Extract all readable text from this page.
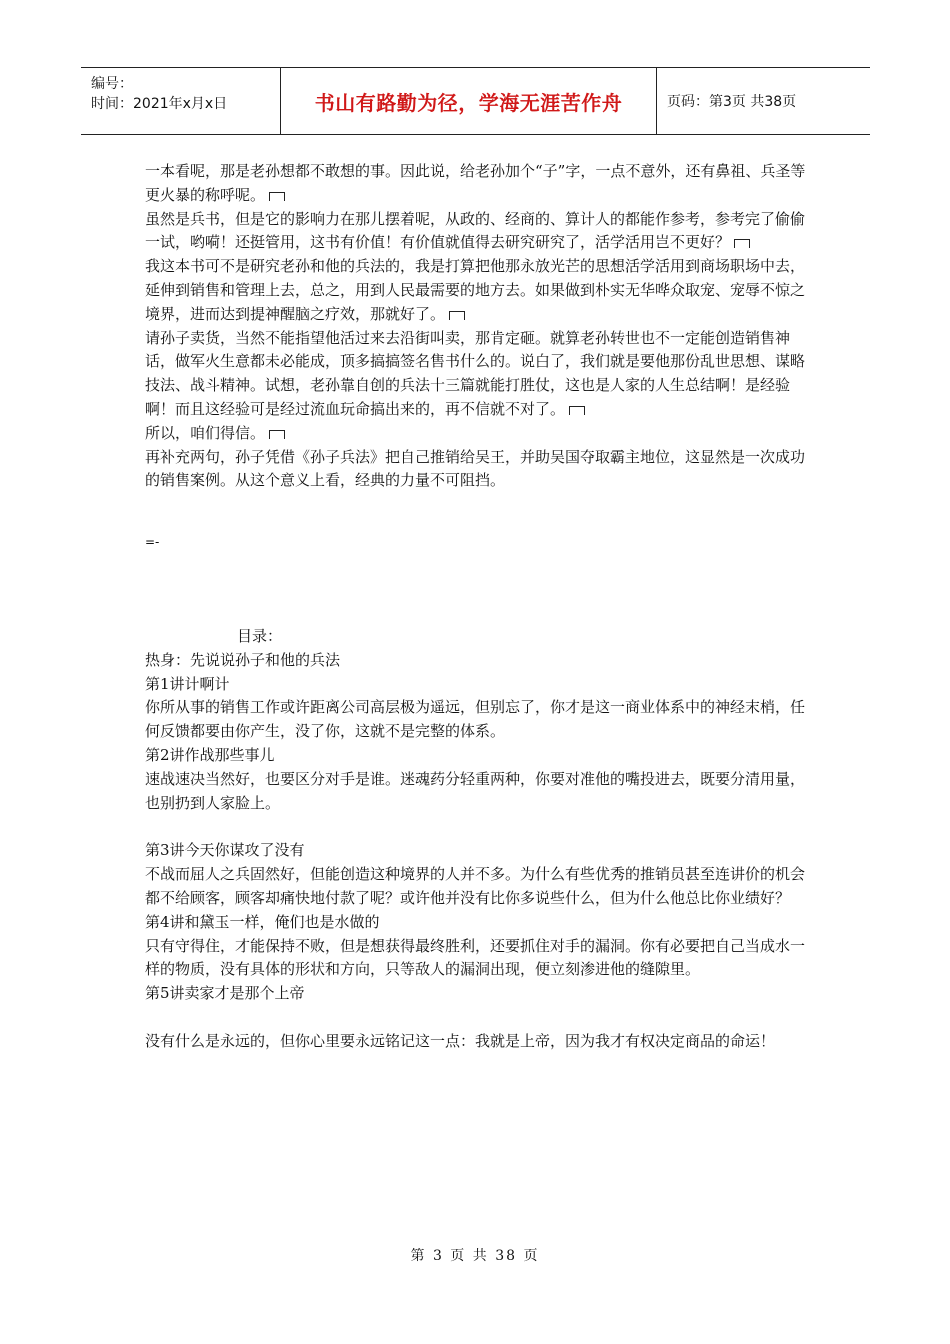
编号：
时间：2021年x月x日	书山有路勤为径，学海无涯苦作舟	页码：第3页 共38页

一本看呢，那是老孙想都不敢想的事。因此说，给老孙加个“子”字，一点不意外，还有鼻祖、兵圣等更火暴的称呼呢。

虽然是兵书，但是它的影响力在那儿摆着呢，从政的、经商的、算计人的都能作参考，参考完了偷偷一试，哟嗬！还挺管用，这书有价值！有价值就值得去研究研究了，活学活用岂不更好？

我这本书可不是研究老孙和他的兵法的，我是打算把他那永放光芒的思想活学活用到商场职场中去，延伸到销售和管理上去，总之，用到人民最需要的地方去。如果做到朴实无华哗众取宠、宠辱不惊之境界，进而达到提神醒脑之疗效，那就好了。

请孙子卖货，当然不能指望他活过来去沿街叫卖，那肯定砸。就算老孙转世也不一定能创造销售神话，做军火生意都未必能成，顶多搞搞签名售书什么的。说白了，我们就是要他那份乱世思想、谋略技法、战斗精神。试想，老孙靠自创的兵法十三篇就能打胜仗，这也是人家的人生总结啊！是经验啊！而且这经验可是经过流血玩命搞出来的，再不信就不对了。

所以，咱们得信。

再补充两句，孙子凭借《孙子兵法》把自己推销给吴王，并助吴国夺取霸主地位，这显然是一次成功的销售案例。从这个意义上看，经典的力量不可阻挡。

=-
目录：

热身：先说说孙子和他的兵法

第1讲计啊计

你所从事的销售工作或许距离公司高层极为遥远，但别忘了，你才是这一商业体系中的神经末梢，任何反馈都要由你产生，没了你，这就不是完整的体系。

第2讲作战那些事儿

速战速决当然好，也要区分对手是谁。迷魂药分轻重两种，你要对准他的嘴投进去，既要分清用量，也别扔到人家脸上。

第3讲今天你谋攻了没有

不战而屈人之兵固然好，但能创造这种境界的人并不多。为什么有些优秀的推销员甚至连讲价的机会都不给顾客，顾客却痛快地付款了呢？或许他并没有比你多说些什么，但为什么他总比你业绩好？

第4讲和黛玉一样，俺们也是水做的

只有守得住，才能保持不败，但是想获得最终胜利，还要抓住对手的漏洞。你有必要把自己当成水一样的物质，没有具体的形状和方向，只等敌人的漏洞出现，便立刻渗进他的缝隙里。

第5讲卖家才是那个上帝

没有什么是永远的，但你心里要永远铭记这一点：我就是上帝，因为我才有权决定商品的命运！

第 3 页 共 38 页
